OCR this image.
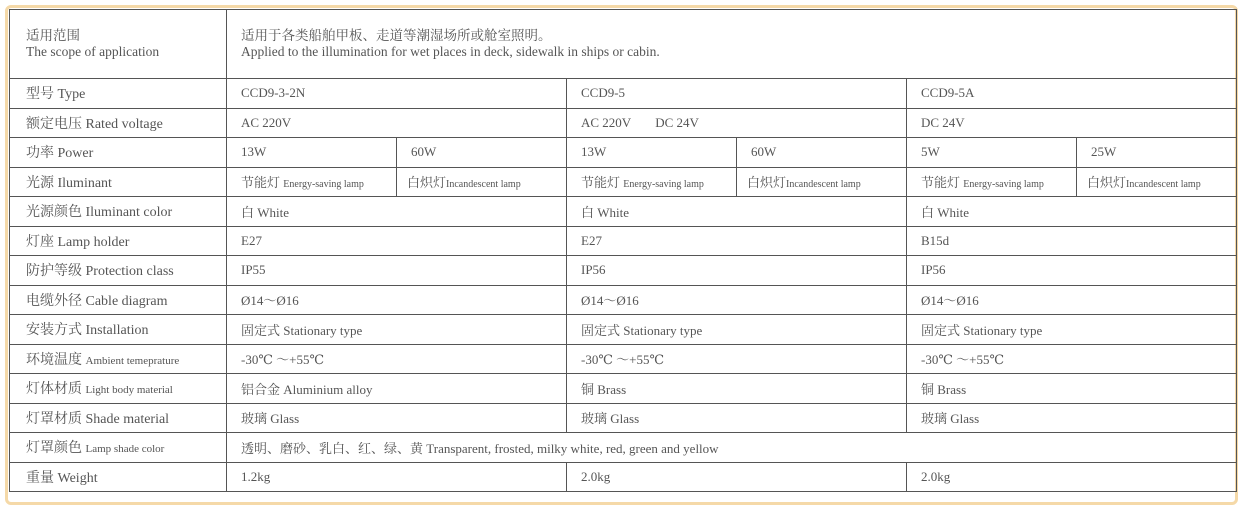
适用范围
The scope of application	适用于各类船舶甲板、走道等潮湿场所或舱室照明。
Applied to the illumination for wet places in deck, sidewalk in ships or cabin.					

型号 Type	CCD9-3-2N		CCD9-5		CCD9-5A	
额定电压 Rated voltage	AC 220V		AC 220V DC 24V		DC 24V	
功率 Power	13W	60W	13W	60W	5W	25W
光源 Iluminant	节能灯 Energy-saving lamp	白炽灯Incandescent lamp	节能灯 Energy-saving lamp	白炽灯Incandescent lamp	节能灯 Energy-saving lamp	白炽灯Incandescent lamp
光源颜色 Iluminant color	白 White		白 White		白 White	
灯座 Lamp holder	E27		E27		B15d	
防护等级 Protection class	IP55		IP56		IP56	
电缆外径 Cable diagram	Ø14～Ø16		Ø14～Ø16		Ø14～Ø16	
安装方式 Installation	固定式 Stationary type		固定式 Stationary type		固定式 Stationary type	
环境温度 Ambient temeprature	-30℃ ～+55℃		-30℃ ～+55℃		-30℃ ～+55℃	
灯体材质 Light body material	铝合金 Aluminium alloy		铜 Brass		铜 Brass	
灯罩材质 Shade material	玻璃 Glass		玻璃 Glass		玻璃 Glass	
灯罩颜色 Lamp shade color	透明、磨砂、乳白、红、绿、黄 Transparent, frosted, milky white, red, green and yellow					
重量 Weight	1.2kg		2.0kg		2.0kg	
